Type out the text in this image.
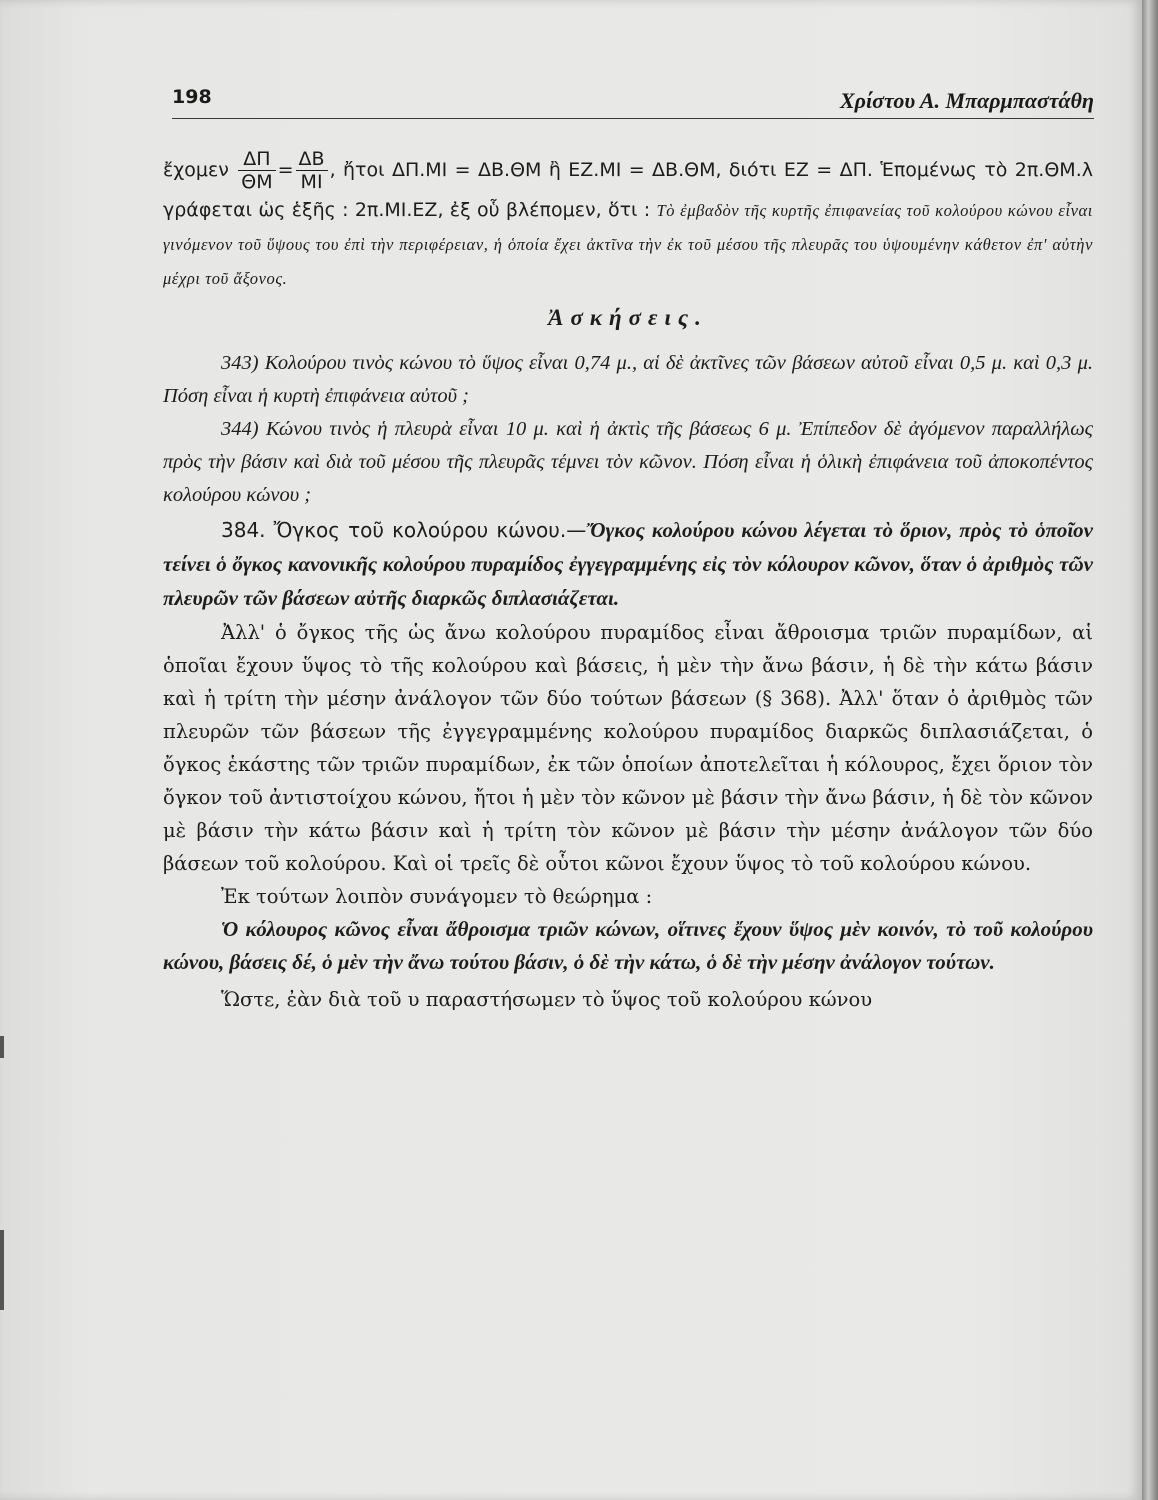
198	Χρίστου Α. Μπαρμπαστάθη

ἔχομεν $\frac{\Delta\Pi}{\Theta M} = \frac{\Delta B}{MI}$ , ἤτοι ΔΠ.ΜΙ = ΔΒ.ΘΜ ἢ ΕΖ.ΜΙ = ΔΒ.ΘΜ, διότι ΕΖ = ΔΠ. Ἑπομένως τὸ 2π.ΘΜ.λ γράφεται ὡς ἑξῆς : 2π.ΜΙ.ΕΖ, ἐξ οὗ βλέπομεν, ὅτι : Τὸ ἐμβαδὸν τῆς κυρτῆς ἐπιφανείας τοῦ κολούρου κώνου εἶναι γινόμενον τοῦ ὕψους του ἐπὶ τὴν περιφέρειαν, ἡ ὁποία ἔχει ἀκτῖνα τὴν ἐκ τοῦ μέσου τῆς πλευρᾶς του ὑψουμένην κάθετον ἐπ' αὐτὴν μέχρι τοῦ ἄξονος.

Ἀσκήσεις.

343) Κολούρου τινὸς κώνου τὸ ὕψος εἶναι 0,74 μ., αἱ δὲ ἀκτῖνες τῶν βάσεων αὐτοῦ εἶναι 0,5 μ. καὶ 0,3 μ. Πόση εἶναι ἡ κυρτὴ ἐπιφάνεια αὐτοῦ ;

344) Κώνου τινὸς ἡ πλευρὰ εἶναι 10 μ. καὶ ἡ ἀκτὶς τῆς βάσεως 6 μ. Ἐπίπεδον δὲ ἀγόμενον παραλλήλως πρὸς τὴν βάσιν καὶ διὰ τοῦ μέσου τῆς πλευρᾶς τέμνει τὸν κῶνον. Πόση εἶναι ἡ ὁλικὴ ἐπιφάνεια τοῦ ἀποκοπέντος κολούρου κώνου ;

384. Ὄγκος τοῦ κολούρου κώνου.—Ὄγκος κολούρου κώνου λέγεται τὸ ὅριον, πρὸς τὸ ὁποῖον τείνει ὁ ὄγκος κανονικῆς κολούρου πυραμίδος ἐγγεγραμμένης εἰς τὸν κόλουρον κῶνον, ὅταν ὁ ἀριθμὸς τῶν πλευρῶν τῶν βάσεων αὐτῆς διαρκῶς διπλασιάζεται.

Ἀλλ' ὁ ὄγκος τῆς ὡς ἄνω κολούρου πυραμίδος εἶναι ἄθροισμα τριῶν πυραμίδων, αἱ ὁποῖαι ἔχουν ὕψος τὸ τῆς κολούρου καὶ βάσεις, ἡ μὲν τὴν ἄνω βάσιν, ἡ δὲ τὴν κάτω βάσιν καὶ ἡ τρίτη τὴν μέσην ἀνάλογον τῶν δύο τούτων βάσεων (§ 368). Ἀλλ' ὅταν ὁ ἀριθμὸς τῶν πλευρῶν τῶν βάσεων τῆς ἐγγεγραμμένης κολούρου πυραμίδος διαρκῶς διπλασιάζεται, ὁ ὄγκος ἑκάστης τῶν τριῶν πυραμίδων, ἐκ τῶν ὁποίων ἀποτελεῖται ἡ κόλουρος, ἔχει ὅριον τὸν ὄγκον τοῦ ἀντιστοίχου κώνου, ἤτοι ἡ μὲν τὸν κῶνον μὲ βάσιν τὴν ἄνω βάσιν, ἡ δὲ τὸν κῶνον μὲ βάσιν τὴν κάτω βάσιν καὶ ἡ τρίτη τὸν κῶνον μὲ βάσιν τὴν μέσην ἀνάλογον τῶν δύο βάσεων τοῦ κολούρου. Καὶ οἱ τρεῖς δὲ οὗτοι κῶνοι ἔχουν ὕψος τὸ τοῦ κολούρου κώνου.

Ἐκ τούτων λοιπὸν συνάγομεν τὸ θεώρημα :

Ὁ κόλουρος κῶνος εἶναι ἄθροισμα τριῶν κώνων, οἵτινες ἔχουν ὕψος μὲν κοινόν, τὸ τοῦ κολούρου κώνου, βάσεις δέ, ὁ μὲν τὴν ἄνω τούτου βάσιν, ὁ δὲ τὴν κάτω, ὁ δὲ τὴν μέσην ἀνάλογον τούτων.

Ὥστε, ἐὰν διὰ τοῦ υ παραστήσωμεν τὸ ὕψος τοῦ κολούρου κώνου
